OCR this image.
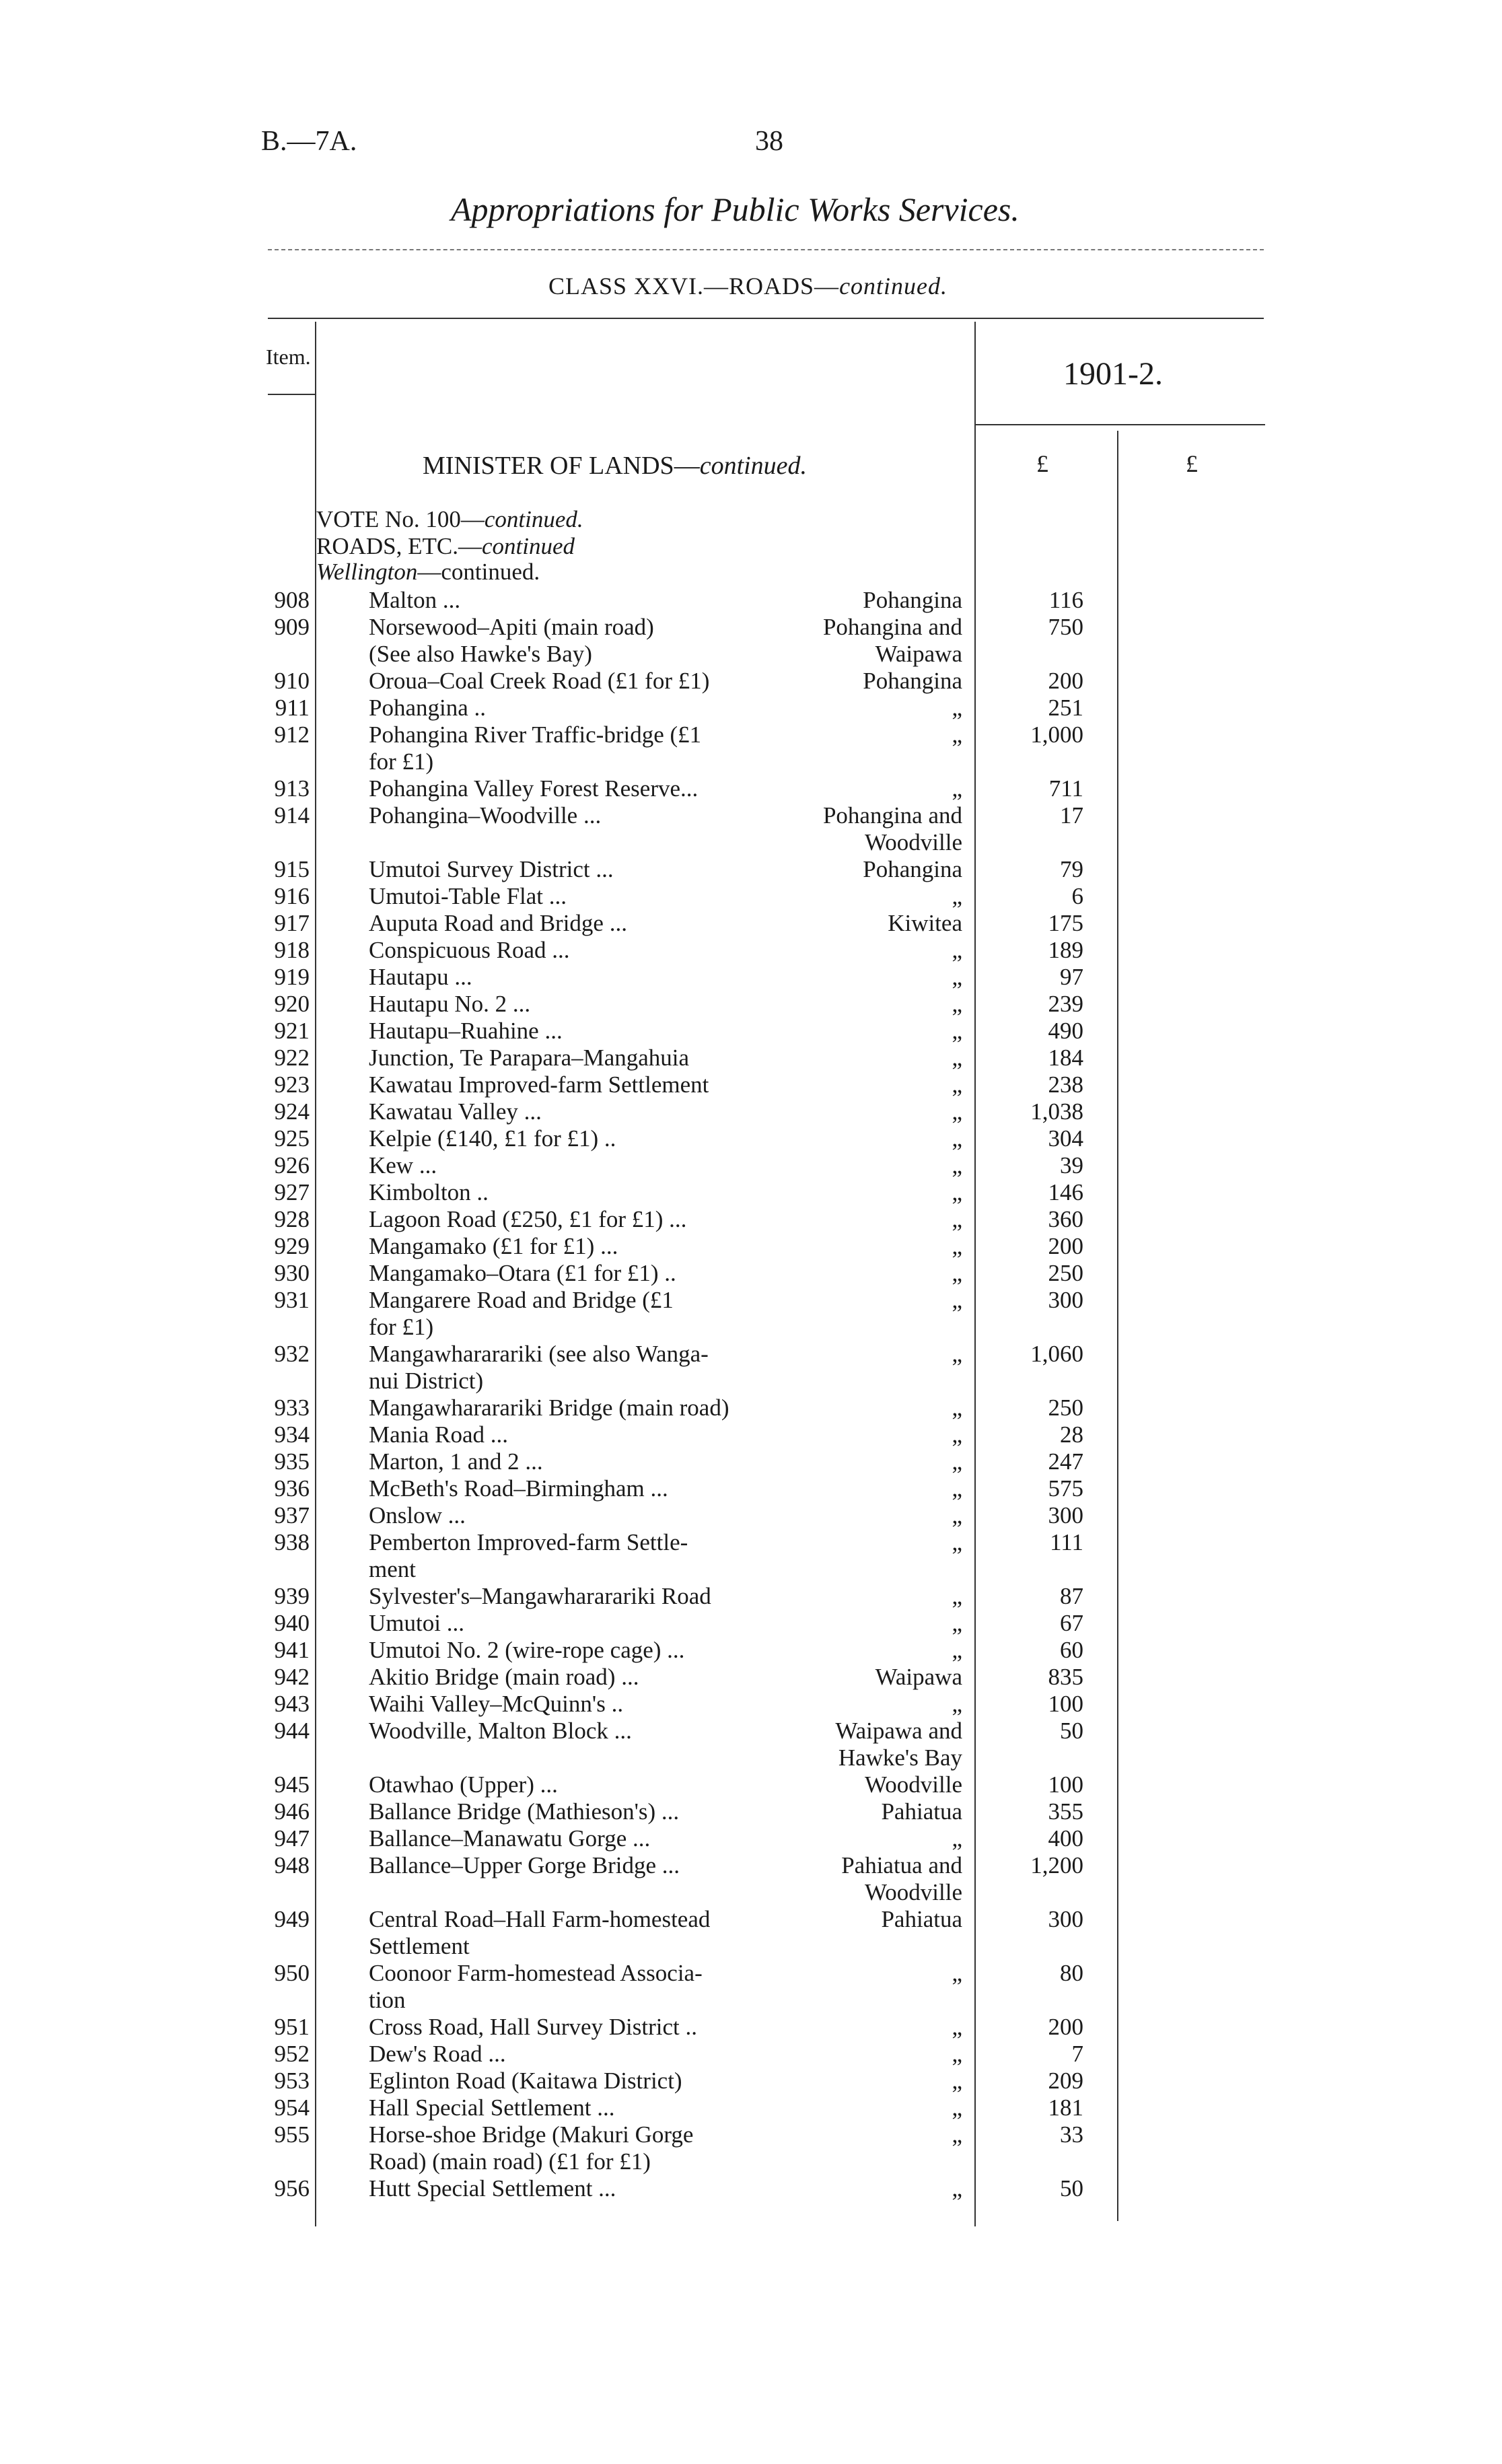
B.—7A.	38
Appropriations for Public Works Services.
CLASS XXVI.—ROADS—continued.
Item.	1901-2.
£	£
MINISTER OF LANDS—continued.
VOTE No. 100—continued.
ROADS, ETC.—continued
Wellington—continued.
908	Malton ...	Pohangina	116
909	Norsewood–Apiti (main road)	Pohangina and	750
(See also Hawke's Bay)	Waipawa
910	Oroua–Coal Creek Road (£1 for £1)	Pohangina	200
911	Pohangina ..	„	251
912	Pohangina River Traffic-bridge (£1	„	1,000
for £1)
913	Pohangina Valley Forest Reserve...	„	711
914	Pohangina–Woodville ...	Pohangina and	17
Woodville
915	Umutoi Survey District ...	Pohangina	79
916	Umutoi-Table Flat ...	„	6
917	Auputa Road and Bridge ...	Kiwitea	175
918	Conspicuous Road ...	„	189
919	Hautapu ...	„	97
920	Hautapu No. 2 ...	„	239
921	Hautapu–Ruahine ...	„	490
922	Junction, Te Parapara–Mangahuia	„	184
923	Kawatau Improved-farm Settlement	„	238
924	Kawatau Valley ...	„	1,038
925	Kelpie (£140, £1 for £1) ..	„	304
926	Kew ...	„	39
927	Kimbolton ..	„	146
928	Lagoon Road (£250, £1 for £1) ...	„	360
929	Mangamako (£1 for £1) ...	„	200
930	Mangamako–Otara (£1 for £1) ..	„	250
931	Mangarere Road and Bridge (£1	„	300
for £1)
932	Mangawhararariki (see also Wanga-	„	1,060
nui District)
933	Mangawhararariki Bridge (main road)	„	250
934	Mania Road ...	„	28
935	Marton, 1 and 2 ...	„	247
936	McBeth's Road–Birmingham ...	„	575
937	Onslow ...	„	300
938	Pemberton Improved-farm Settle-	„	111
ment
939	Sylvester's–Mangawhararariki Road	„	87
940	Umutoi ...	„	67
941	Umutoi No. 2 (wire-rope cage) ...	„	60
942	Akitio Bridge (main road) ...	Waipawa	835
943	Waihi Valley–McQuinn's ..	„	100
944	Woodville, Malton Block ...	Waipawa and	50
Hawke's Bay
945	Otawhao (Upper) ...	Woodville	100
946	Ballance Bridge (Mathieson's) ...	Pahiatua	355
947	Ballance–Manawatu Gorge ...	„	400
948	Ballance–Upper Gorge Bridge ...	Pahiatua and	1,200
Woodville
949	Central Road–Hall Farm-homestead	Pahiatua	300
Settlement
950	Coonoor Farm-homestead Associa-	„	80
tion
951	Cross Road, Hall Survey District ..	„	200
952	Dew's Road ...	„	7
953	Eglinton Road (Kaitawa District)	„	209
954	Hall Special Settlement ...	„	181
955	Horse-shoe Bridge (Makuri Gorge	„	33
Road) (main road) (£1 for £1)
956	Hutt Special Settlement ...	„	50
